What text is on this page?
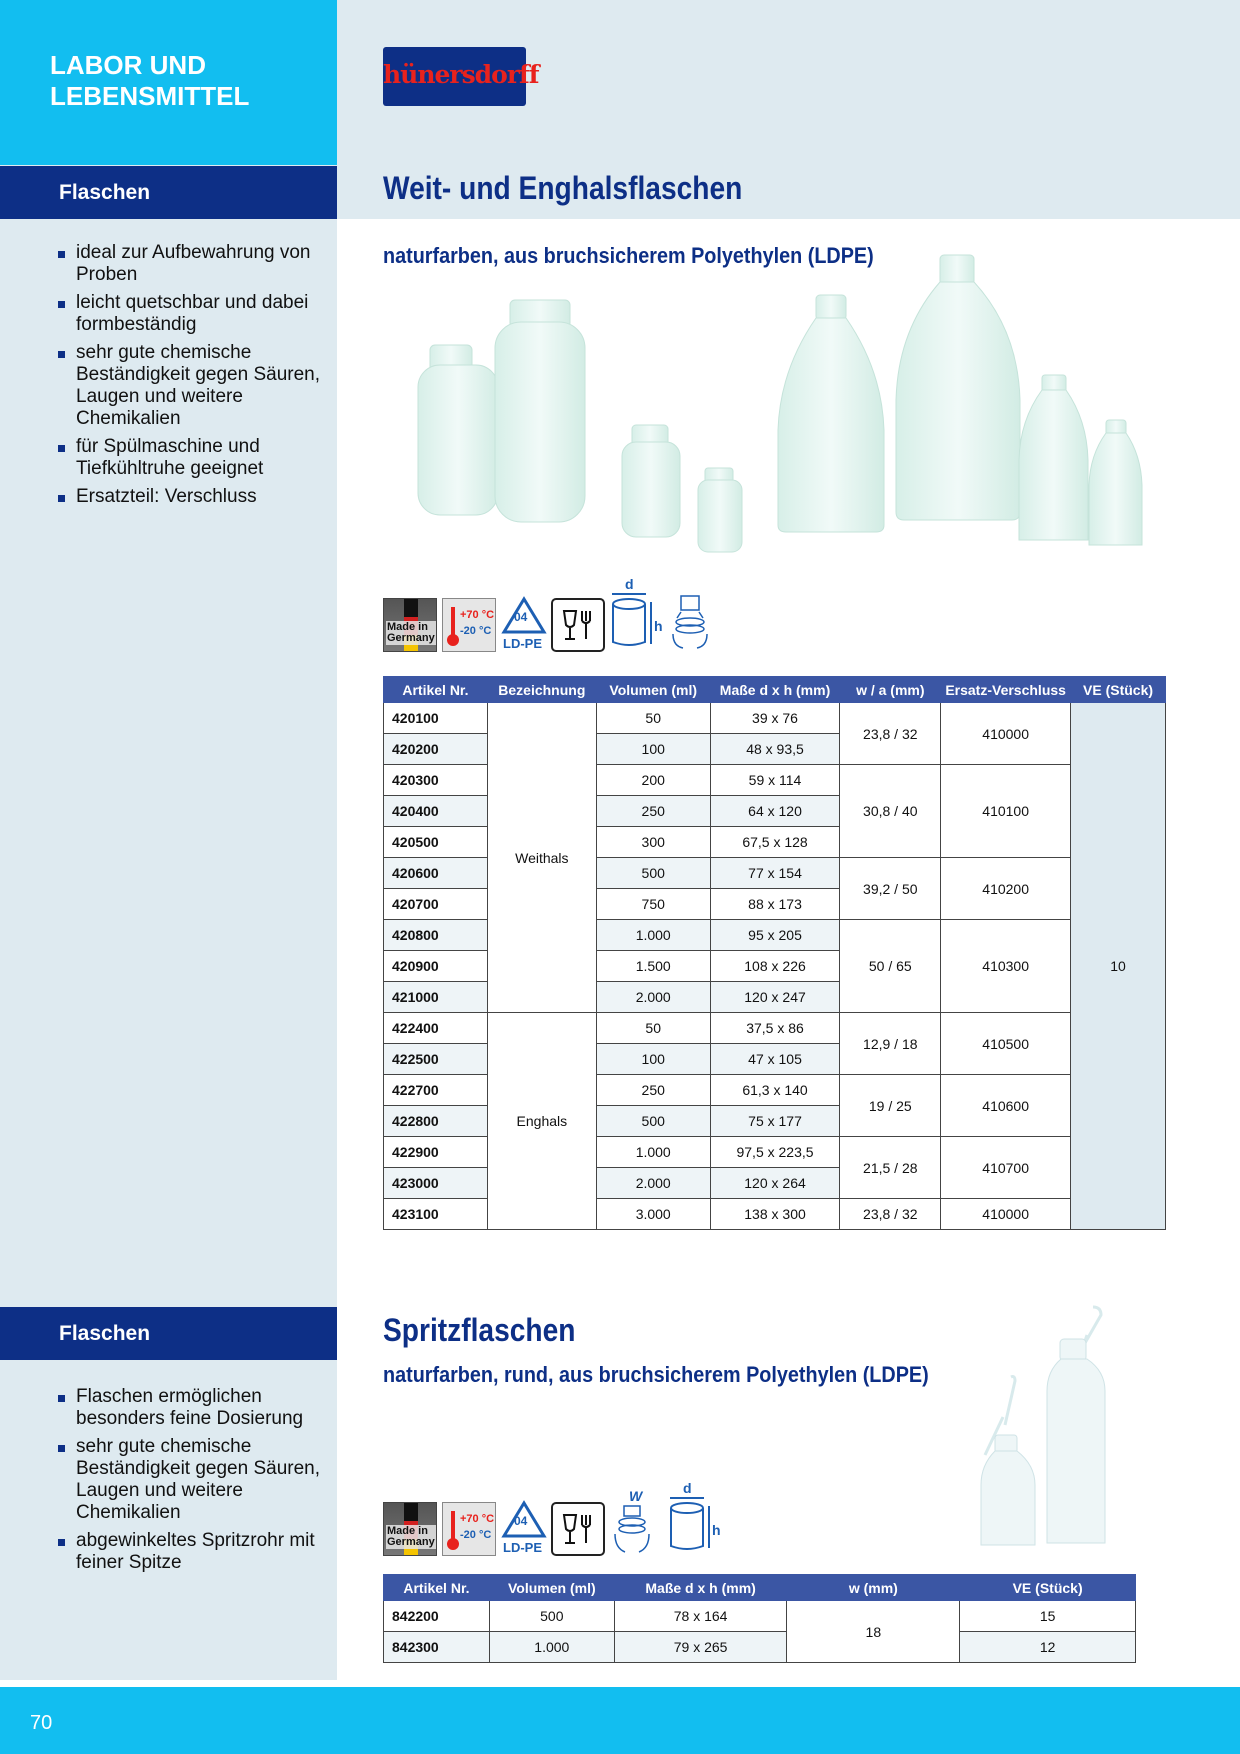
LABOR UND LEBENSMITTEL
Flaschen
ideal zur Aufbewahrung von Proben
leicht quetschbar und dabei formbeständig
sehr gute chemische Beständigkeit gegen Säuren, Laugen und weitere Chemikalien
für Spülmaschine und Tiefkühltruhe geeignet
Ersatzteil: Verschluss
Flaschen
Flaschen ermöglichen besonders feine Dosierung
sehr gute chemische Beständigkeit gegen Säuren, Laugen und weitere Chemikalien
abgewinkeltes Spritzrohr mit feiner Spitze
hünersdorff
Weit- und Enghalsflaschen
naturfarben, aus bruchsicherem Polyethylen (LDPE)
Made in Germany
+70 °C
-20 °C
04
LD-PE
d
h
Artikel Nr.	Bezeichnung	Volumen (ml)	Maße d x h (mm)	w / a (mm)	Ersatz-Verschluss	VE (Stück)
420100	Weithals	50	39 x 76	23,8 / 32	410000	10
420200		100	48 x 93,5			
420300		200	59 x 114	30,8 / 40	410100	
420400		250	64 x 120			
420500		300	67,5 x 128			
420600		500	77 x 154	39,2 / 50	410200	
420700		750	88 x 173			
420800		1.000	95 x 205	50 / 65	410300	
420900		1.500	108 x 226			
421000		2.000	120 x 247			
422400	Enghals	50	37,5 x 86	12,9 / 18	410500	
422500		100	47 x 105			
422700		250	61,3 x 140	19 / 25	410600	
422800		500	75 x 177			
422900		1.000	97,5 x 223,5	21,5 / 28	410700	
423000		2.000	120 x 264			
423100		3.000	138 x 300	23,8 / 32	410000	
Spritzflaschen
naturfarben, rund, aus bruchsicherem Polyethylen (LDPE)
Made in Germany
+70 °C
-20 °C
04
LD-PE
W	d
h
Artikel Nr.	Volumen (ml)	Maße d x h (mm)	w (mm)	VE (Stück)
842200	500	78 x 164	18	15
842300	1.000	79 x 265		12
70
